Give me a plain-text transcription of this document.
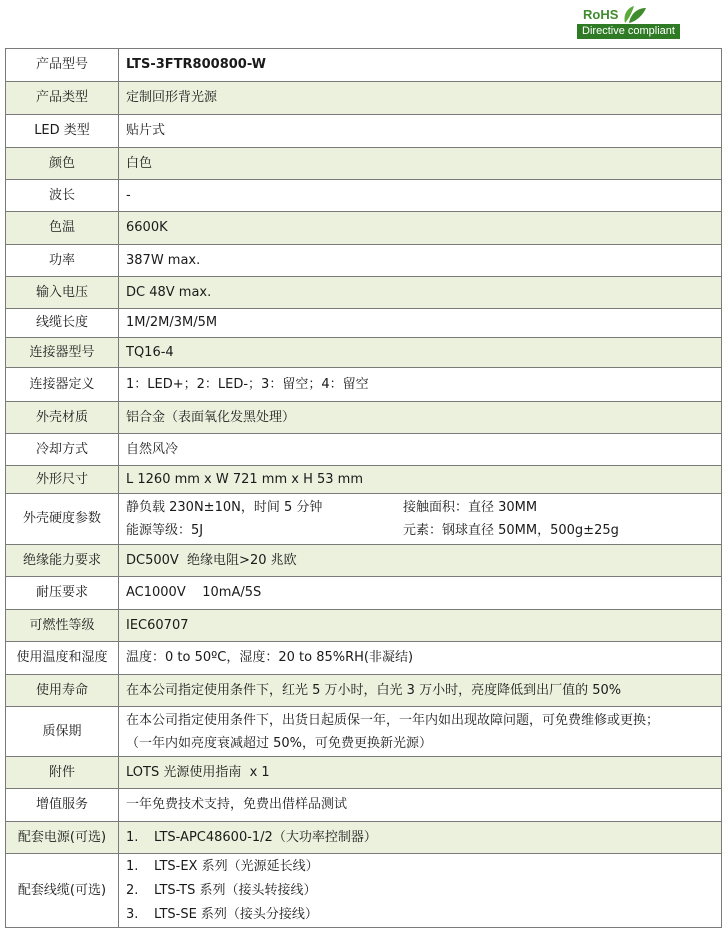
RoHS
Directive compliant
产品型号	LTS-3FTR800800-W
产品类型	定制回形背光源
LED 类型	贴片式
颜色	白色
波长	-
色温	6600K
功率	387W max.
输入电压	DC 48V max.
线缆长度	1M/2M/3M/5M
连接器型号	TQ16-4
连接器定义	1：LED+；2：LED-；3：留空；4：留空
外壳材质	铝合金（表面氧化发黑处理）
冷却方式	自然风冷
外形尺寸	L 1260 mm x W 721 mm x H 53 mm
外壳硬度参数	静负载 230N±10N，时间 5 分钟 接触面积：直径 30MM
能源等级：5J 元素：钢球直径 50MM，500g±25g

绝缘能力要求	DC500V  绝缘电阻>20 兆欧
耐压要求	AC1000V    10mA/5S
可燃性等级	IEC60707
使用温度和湿度	温度：0 to 50ºC，湿度：20 to 85%RH(非凝结)
使用寿命	在本公司指定使用条件下，红光 5 万小时，白光 3 万小时，亮度降低到出厂值的 50%
质保期	在本公司指定使用条件下，出货日起质保一年，一年内如出现故障问题，可免费维修或更换；
（一年内如亮度衰减超过 50%，可免费更换新光源）

附件	LOTS 光源使用指南  x 1
增值服务	一年免费技术支持，免费出借样品测试
配套电源(可选)	1. LTS-APC48600-1/2（大功率控制器）

配套线缆(可选)	1. LTS-EX 系列（光源延长线）
2. LTS-TS 系列（接头转接线）
3. LTS-SE 系列（接头分接线）
